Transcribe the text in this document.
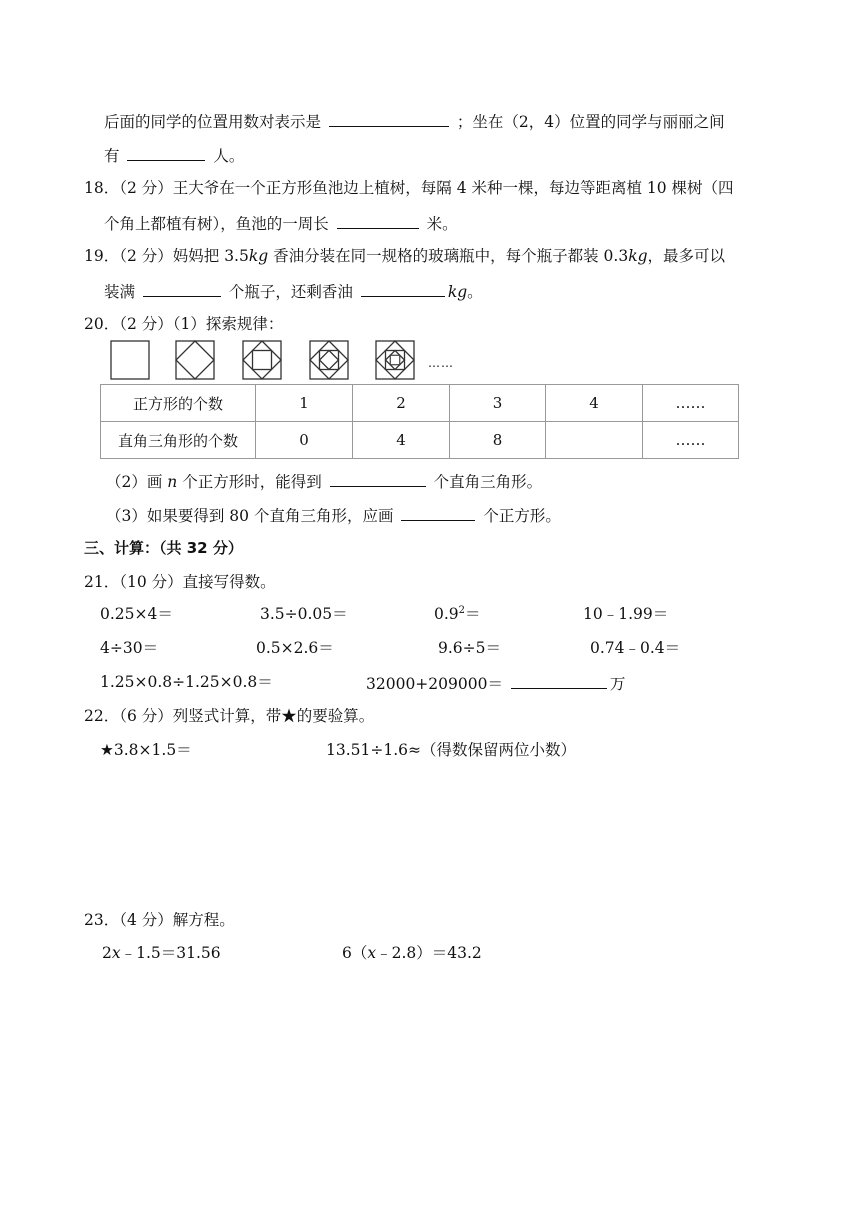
后面的同学的位置用数对表示是	；坐在（2，4）位置的同学与丽丽之间
有	人。
18．（2 分）王大爷在一个正方形鱼池边上植树，每隔 4 米种一棵，每边等距离植 10 棵树（四
个角上都植有树），鱼池的一周长	米。
19．（2 分）妈妈把 3.5kg 香油分装在同一规格的玻璃瓶中，每个瓶子都装 0.3kg，最多可以
装满	个瓶子，还剩香油	kg。
20．（2 分）（1）探索规律：
……
正方形的个数	1	2	3	4	……
直角三角形的个数	0	4	8		……
（2）画 n 个正方形时，能得到	个直角三角形。
（3）如果要得到 80 个直角三角形，应画	个正方形。
三、计算：（共 32 分）
21．（10 分）直接写得数。
0.25×4＝	3.5÷0.05＝	$0.9^2=$	10﹣1.99＝
4÷30＝	0.5×2.6＝	9.6÷5＝	0.74﹣0.4＝
1.25×0.8÷1.25×0.8＝	32000+209000＝	万
22．（6 分）列竖式计算，带★的要验算。
★3.8×1.5＝	13.51÷1.6≈（得数保留两位小数）
23．（4 分）解方程。
2x﹣1.5＝31.56	6（x﹣2.8）＝43.2
